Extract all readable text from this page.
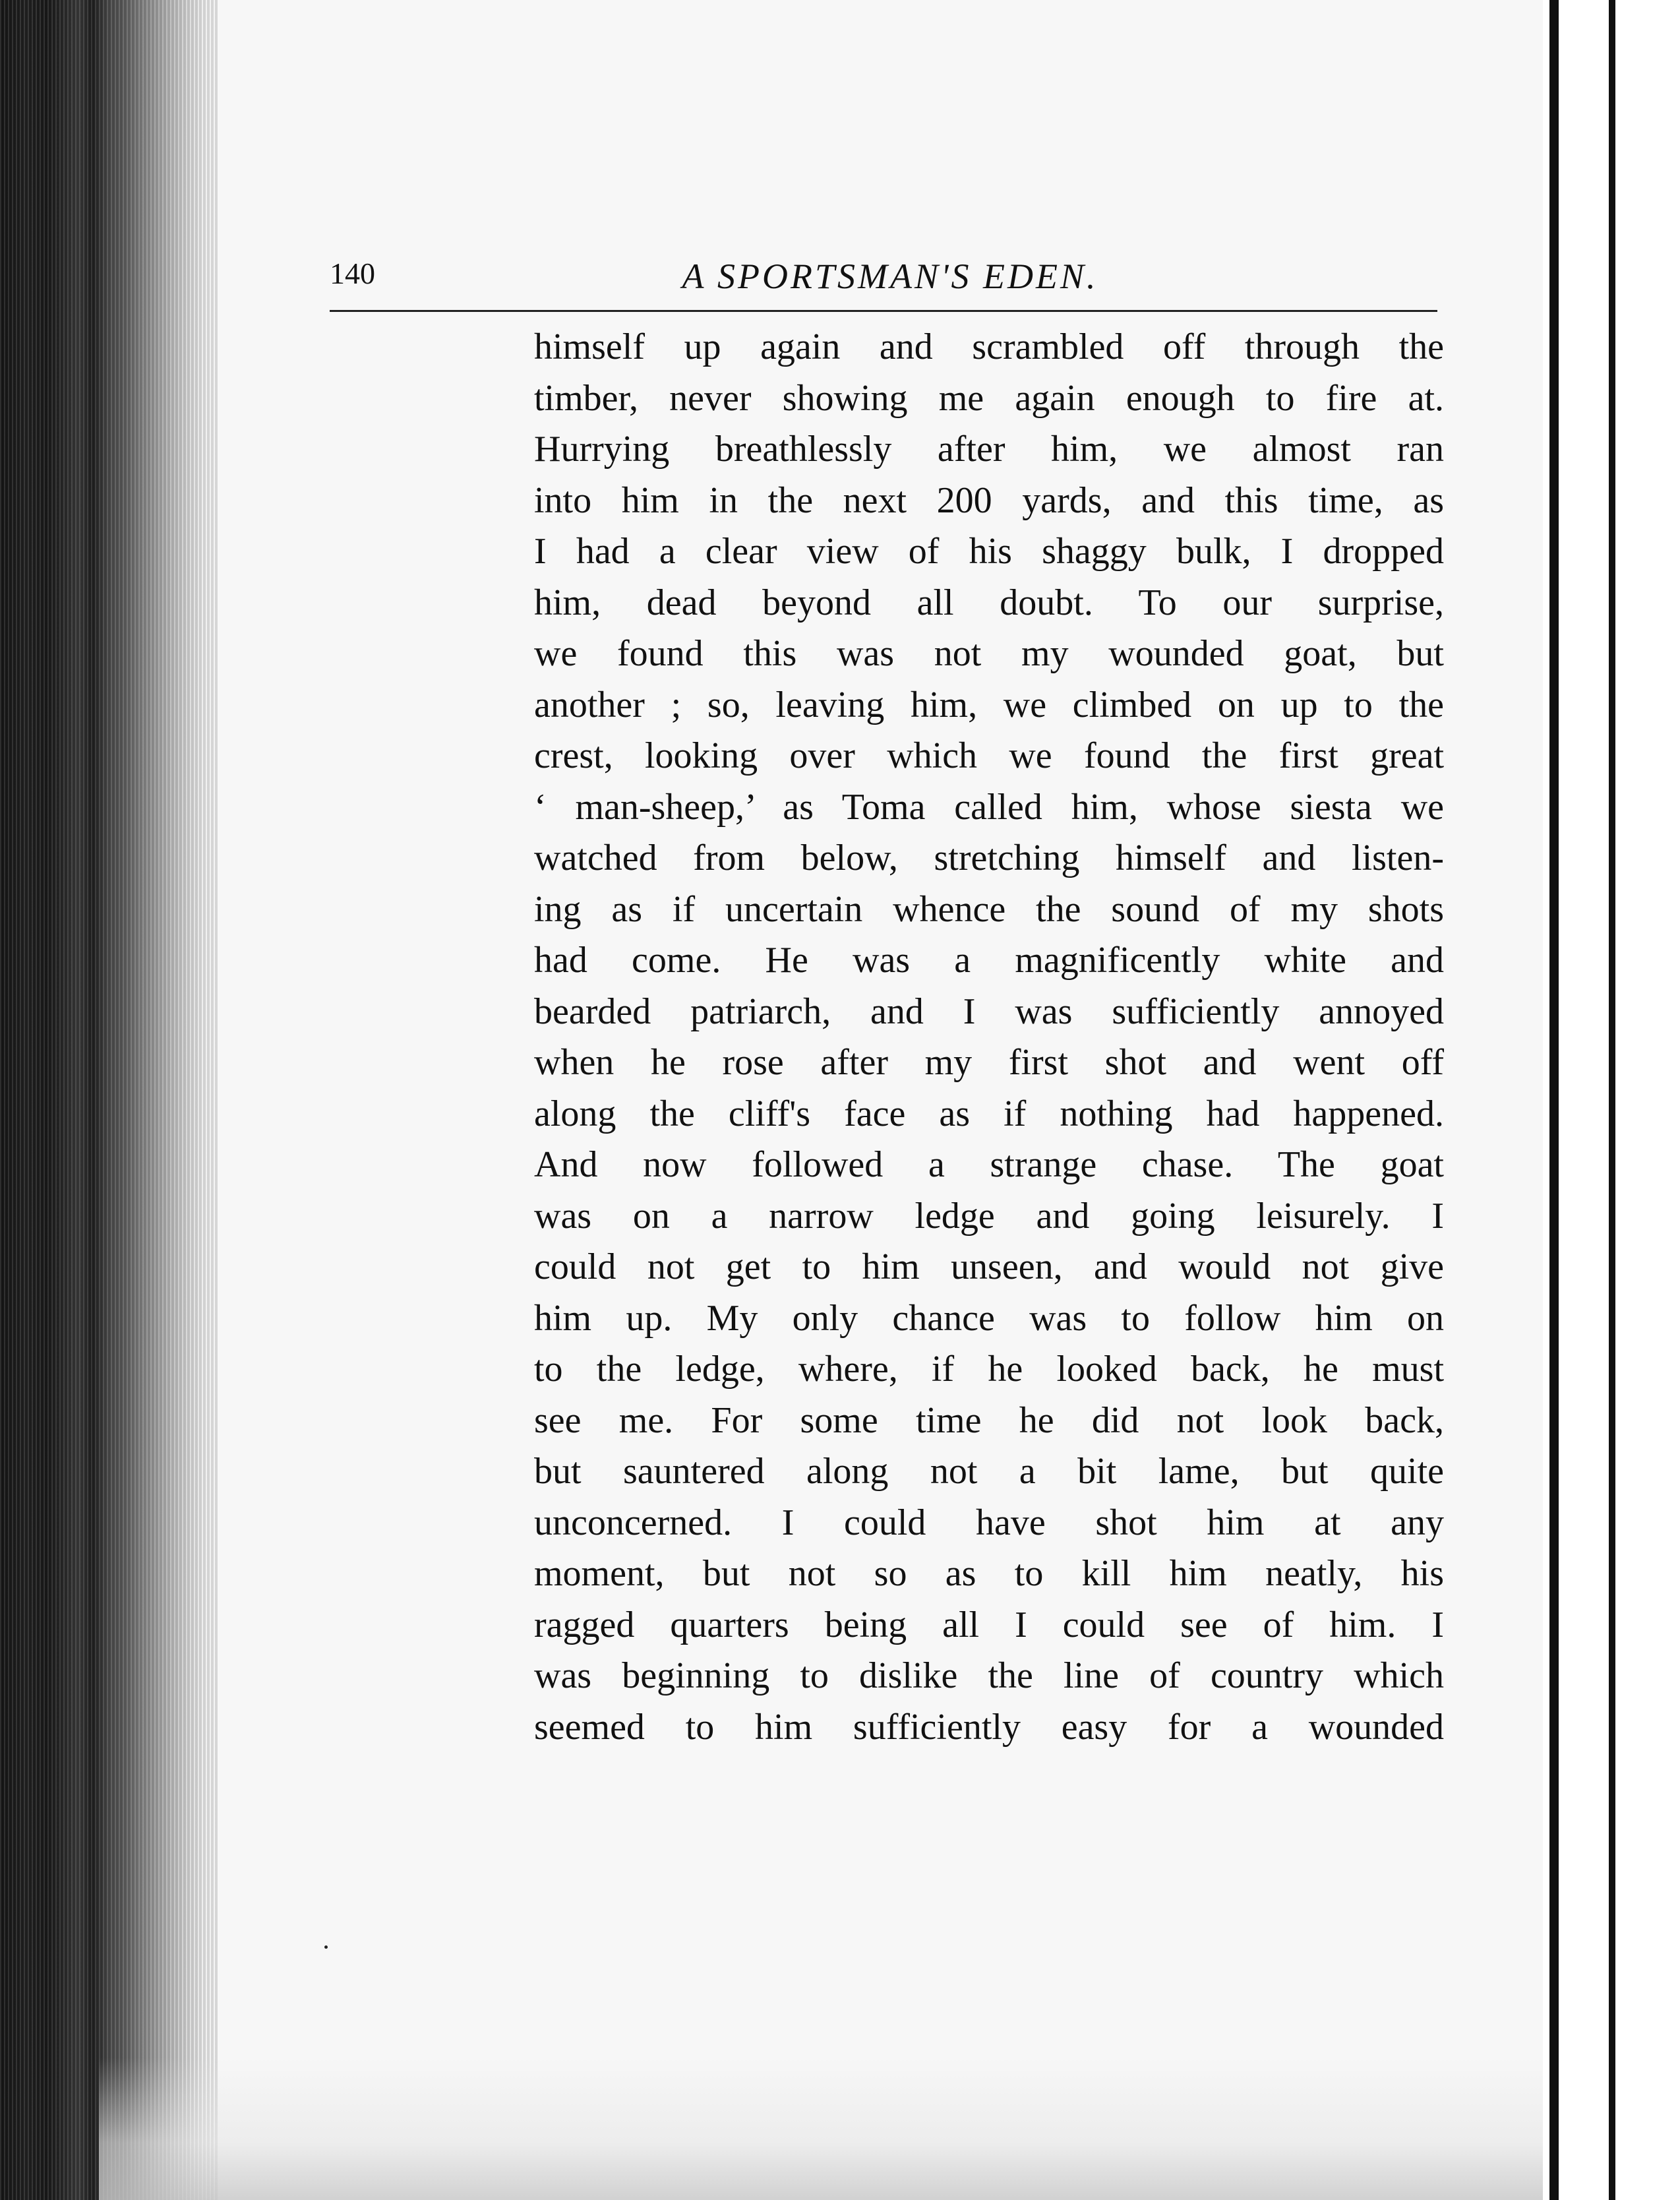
140	A SPORTSMAN'S EDEN.
himself up again and scrambled off through the
timber, never showing me again enough to fire at.
Hurrying breathlessly after him, we almost ran
into him in the next 200 yards, and this time, as
I had a clear view of his shaggy bulk, I dropped
him, dead beyond all doubt. To our surprise,
we found this was not my wounded goat, but
another ; so, leaving him, we climbed on up to the
crest, looking over which we found the first great
‘ man-sheep,’ as Toma called him, whose siesta we
watched from below, stretching himself and listen-
ing as if uncertain whence the sound of my shots
had come. He was a magnificently white and
bearded patriarch, and I was sufficiently annoyed
when he rose after my first shot and went off
along the cliff's face as if nothing had happened.
And now followed a strange chase. The goat
was on a narrow ledge and going leisurely. I
could not get to him unseen, and would not give
him up. My only chance was to follow him on
to the ledge, where, if he looked back, he must
see me. For some time he did not look back,
but sauntered along not a bit lame, but quite
unconcerned. I could have shot him at any
moment, but not so as to kill him neatly, his
ragged quarters being all I could see of him. I
was beginning to dislike the line of country which
seemed to him sufficiently easy for a wounded
